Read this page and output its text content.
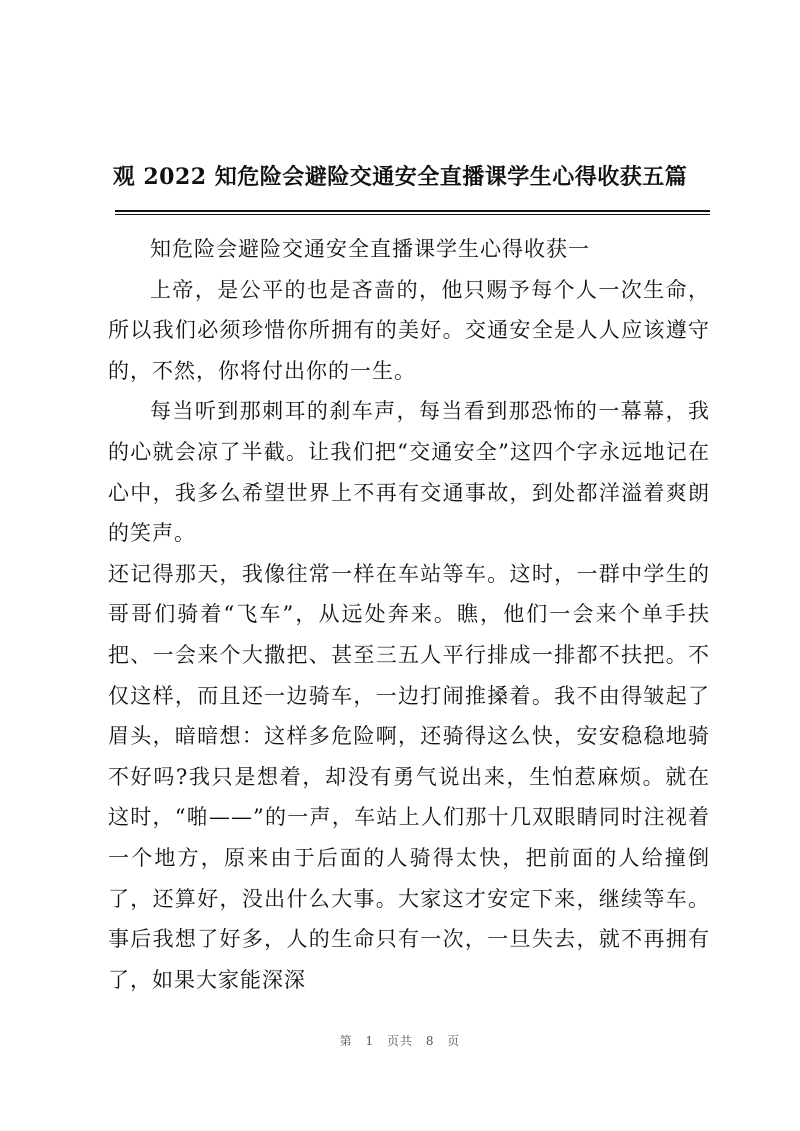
观 2022 知危险会避险交通安全直播课学生心得收获五篇

知危险会避险交通安全直播课学生心得收获一

上帝，是公平的也是吝啬的，他只赐予每个人一次生命，所以我们必须珍惜你所拥有的美好。交通安全是人人应该遵守的，不然，你将付出你的一生。

每当听到那刺耳的刹车声，每当看到那恐怖的一幕幕，我的心就会凉了半截。让我们把“交通安全”这四个字永远地记在心中，我多么希望世界上不再有交通事故，到处都洋溢着爽朗的笑声。

还记得那天，我像往常一样在车站等车。这时，一群中学生的哥哥们骑着“飞车”，从远处奔来。瞧，他们一会来个单手扶把、一会来个大撒把、甚至三五人平行排成一排都不扶把。不仅这样，而且还一边骑车，一边打闹推搡着。我不由得皱起了眉头，暗暗想：这样多危险啊，还骑得这么快，安安稳稳地骑不好吗?我只是想着，却没有勇气说出来，生怕惹麻烦。就在这时，“啪——”的一声，车站上人们那十几双眼睛同时注视着一个地方，原来由于后面的人骑得太快，把前面的人给撞倒了，还算好，没出什么大事。大家这才安定下来，继续等车。事后我想了好多，人的生命只有一次，一旦失去，就不再拥有了，如果大家能深深

第 1 页共 8 页
